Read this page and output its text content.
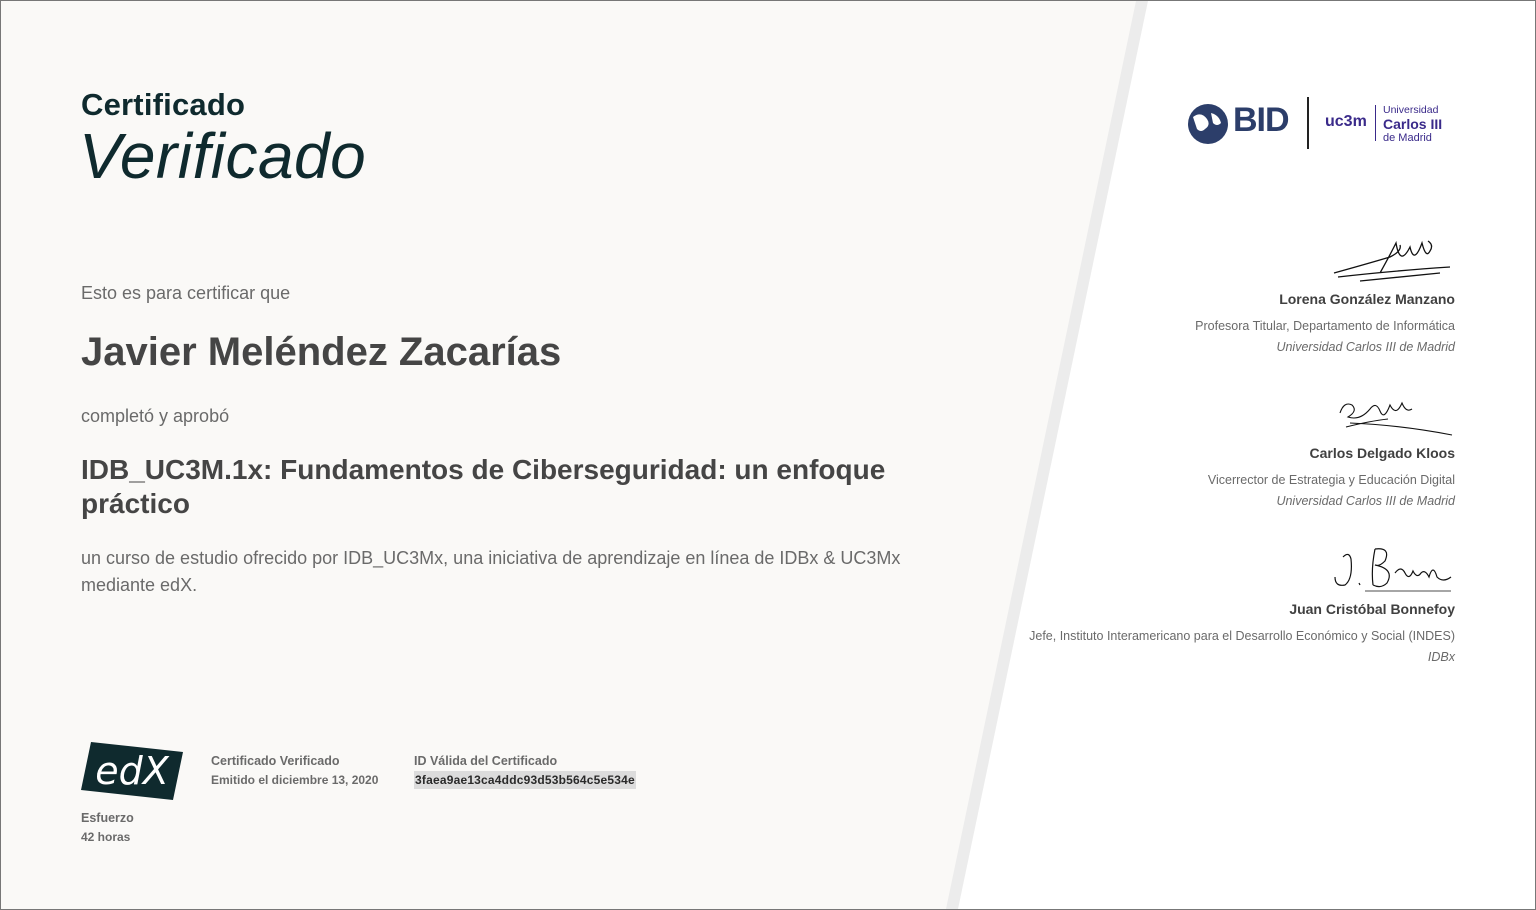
Certificado
Verificado
Esto es para certificar que
Javier Meléndez Zacarías
completó y aprobó
IDB_UC3M.1x: Fundamentos de Ciberseguridad: un enfoque práctico
un curso de estudio ofrecido por IDB_UC3Mx, una iniciativa de aprendizaje en línea de IDBx & UC3Mx mediante edX.
edX
Esfuerzo
42 horas
Certificado Verificado
Emitido el diciembre 13, 2020
ID Válida del Certificado
3faea9ae13ca4ddc93d53b564c5e534e
BID uc3m
Universidad
Carlos III
de Madrid
Lorena González Manzano
Profesora Titular, Departamento de Informática
Universidad Carlos III de Madrid
Carlos Delgado Kloos
Vicerrector de Estrategia y Educación Digital
Universidad Carlos III de Madrid
Juan Cristóbal Bonnefoy
Jefe, Instituto Interamericano para el Desarrollo Económico y Social (INDES)
IDBx
